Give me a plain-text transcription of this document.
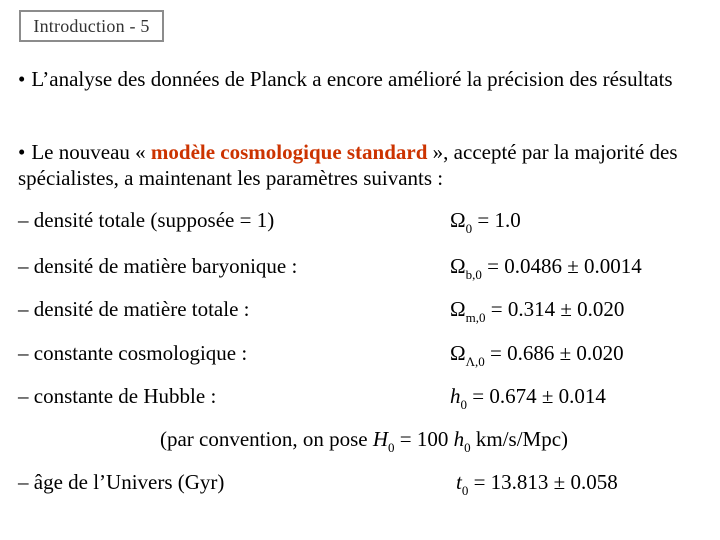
Introduction - 5
• L’analyse des données de Planck a encore amélioré la précision des résultats
• Le nouveau « modèle cosmologique standard », accepté par la majorité des spécialistes, a maintenant les paramètres suivants :
– densité totale (supposée = 1)	$\Omega_0 = 1.0$
– densité de matière baryonique :	$\Omega_{b,0} = 0.0486 \pm 0.0014$
– densité de matière totale :	$\Omega_{m,0} = 0.314 \pm 0.020$
– constante cosmologique :	$\Omega_{\Lambda,0} = 0.686 \pm 0.020$
– constante de Hubble :	$h_0 = 0.674 \pm 0.014$
(par convention, on pose $H_0 = 100$ $h_0$ km/s/Mpc)
– âge de l’Univers (Gyr)	$t_0 = 13.813 \pm 0.058$
